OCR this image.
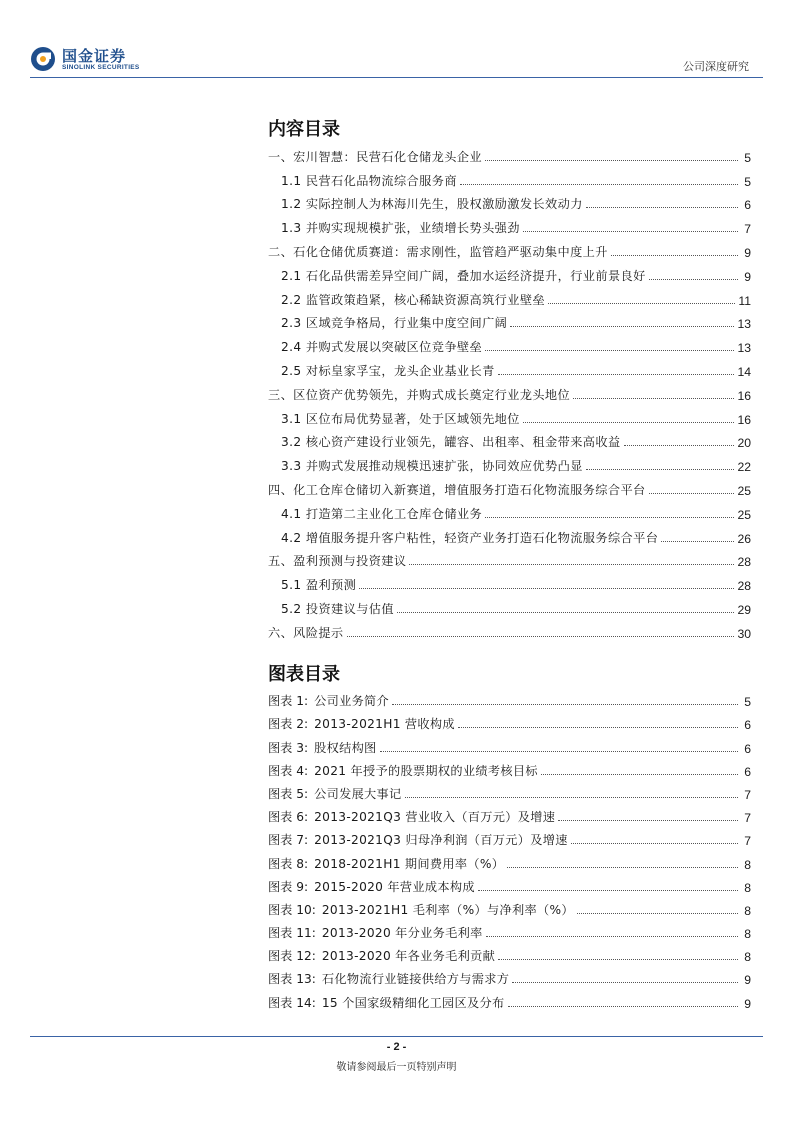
国金证券
SINOLINK SECURITIES	公司深度研究
内容目录
一、宏川智慧：民营石化仓储龙头企业	5
1.1 民营石化品物流综合服务商	5
1.2 实际控制人为林海川先生，股权激励激发长效动力	6
1.3 并购实现规模扩张，业绩增长势头强劲	7
二、石化仓储优质赛道：需求刚性，监管趋严驱动集中度上升	9
2.1 石化品供需差异空间广阔，叠加水运经济提升，行业前景良好	9
2.2 监管政策趋紧，核心稀缺资源高筑行业壁垒	11
2.3 区域竞争格局，行业集中度空间广阔	13
2.4 并购式发展以突破区位竞争壁垒	13
2.5 对标皇家孚宝，龙头企业基业长青	14
三、区位资产优势领先，并购式成长奠定行业龙头地位	16
3.1 区位布局优势显著，处于区域领先地位	16
3.2 核心资产建设行业领先，罐容、出租率、租金带来高收益	20
3.3 并购式发展推动规模迅速扩张，协同效应优势凸显	22
四、化工仓库仓储切入新赛道，增值服务打造石化物流服务综合平台	25
4.1 打造第二主业化工仓库仓储业务	25
4.2 增值服务提升客户粘性，轻资产业务打造石化物流服务综合平台	26
五、盈利预测与投资建议	28
5.1 盈利预测	28
5.2 投资建议与估值	29
六、风险提示	30
图表目录
图表 1: 公司业务简介	5
图表 2: 2013-2021H1 营收构成	6
图表 3: 股权结构图	6
图表 4: 2021 年授予的股票期权的业绩考核目标	6
图表 5: 公司发展大事记	7
图表 6: 2013-2021Q3 营业收入（百万元）及增速	7
图表 7: 2013-2021Q3 归母净利润（百万元）及增速	7
图表 8: 2018-2021H1 期间费用率（%）	8
图表 9: 2015-2020 年营业成本构成	8
图表 10: 2013-2021H1 毛利率（%）与净利率（%）	8
图表 11: 2013-2020 年分业务毛利率	8
图表 12: 2013-2020 年各业务毛利贡献	8
图表 13: 石化物流行业链接供给方与需求方	9
图表 14: 15 个国家级精细化工园区及分布	9
- 2 -
敬请参阅最后一页特别声明
